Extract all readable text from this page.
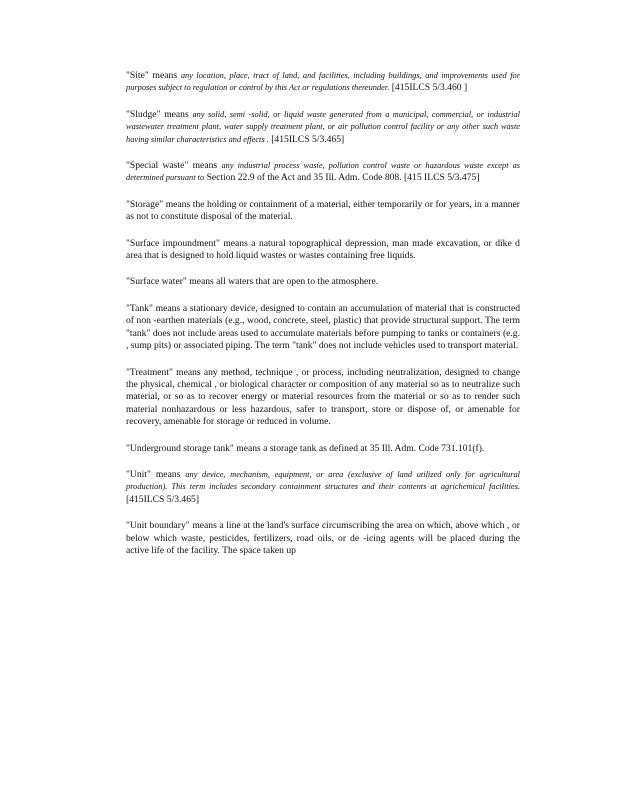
"Site" means any location, place, tract of land, and facilities, including buildings, and improvements used for purposes subject to regulation or control by this Act or regulations thereunder. [415ILCS 5/3.460 ]

"Sludge" means any solid, semi -solid, or liquid waste generated from a municipal, commercial, or industrial wastewater treatment plant, water supply treatment plant, or air pollution control facility or any other such waste having similar characteristics and effects . [415ILCS 5/3.465]

"Special waste" means any industrial process waste, pollution control waste or hazardous waste except as determined pursuant to Section 22.9 of the Act and 35 Ill. Adm. Code 808. [415 ILCS 5/3.475]

"Storage" means the holding or containment of a material, either temporarily or for years, in a manner as not to constitute disposal of the material.

"Surface impoundment" means a natural topographical depression, man made excavation, or dike d area that is designed to hold liquid wastes or wastes containing free liquids.

"Surface water" means all waters that are open to the atmosphere.

"Tank" means a stationary device, designed to contain an accumulation of material that is constructed of non -earthen materials (e.g., wood, concrete, steel, plastic) that provide structural support. The term "tank" does not include areas used to accumulate materials before pumping to tanks or containers (e.g. , sump pits) or associated piping. The term "tank" does not include vehicles used to transport material.

"Treatment" means any method, technique , or process, including neutralization, designed to change the physical, chemical , or biological character or composition of any material so as to neutralize such material, or so as to recover energy or material resources from the material or so as to render such material nonhazardous or less hazardous, safer to transport, store or dispose of, or amenable for recovery, amenable for storage or reduced in volume.

"Underground storage tank" means a storage tank as defined at 35 Ill. Adm. Code 731.101(f).

"Unit" means any device, mechanism, equipment, or area (exclusive of land utilized only for agricultural production). This term includes secondary containment structures and their contents at agrichemical facilities. [415ILCS 5/3.465]

"Unit boundary" means a line at the land's surface circumscribing the area on which, above which , or below which waste, pesticides, fertilizers, road oils, or de -icing agents will be placed during the active life of the facility. The space taken up
